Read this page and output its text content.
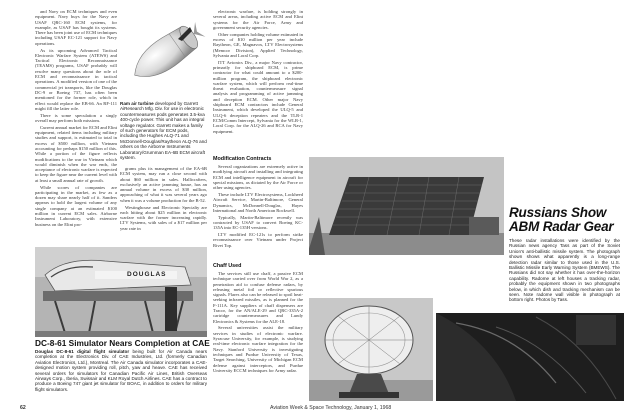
and Navy on ECM techniques and even equipment. Navy buys for the Navy are USAF QRC-160 ECM systems, for example, as USAF has bought its systems. There has been joint use of ECM techniques including USAF EC-121 support for Navy operations.

As its upcoming Advanced Tactical Electronic Warfare System (ATEWS) and Tactical Electronic Reconnaissance (TEAMS) programs, USAF probably will resolve many questions about the role of ECM and reconnaissance in tactical operations. A modified version of one of the commercial jet transports, like the Douglas DC-9 or Boeing 737, has often been mentioned for the former role, which in effect would replace the EB-66. An RF-111 might fill the latter role.

There is some speculation a singly overall may perform both missions.

Current annual market for ECM and Elint equipment, related items including military studies and support, is estimated to total in excess of $500 million, with Vietnam accounting for perhaps $150 million of this. While a portion of the figure reflects modifications to the war in Vietnam which would diminish when the war ends, the acceptance of electronic warfare is expected to keep the figure near the current level with at least a small annual rate of growth.

While scores of companies are participating in the market, as few as a dozen may share nearly half of it. Sanders appears to hold the largest volume of any single company at an estimated $100 million in current ECM sales. Airborne Instrument Laboratory, with extensive business on the Elint pro-

Ram air turbine developed by Garrett AiResearch Mfg. Div. for use in electronic countermeasures pods generates 3.5-kva 400-cycle power. This unit has an integral voltage regulator. Garrett makes a family of such generators for ECM pods, including the Hughes ALQ-71 and McDonnell-Douglas/Raytheon ALQ-76 and others on the Airborne Instruments Laboratory/Grumman EA-6B ECM aircraft system.

grams plus its management of the EA-6B ECM system, may run a close second with about $60 million in sales. Hallicrafters, exclusively an active jamming house, has an annual volume in excess of $30 million, approaching of what it was several years ago when it was a volume production for the B-52.

Westinghouse and Electronic Specialty are each hitting about $25 million in electronic warfare with the former increasing rapidly. LTV Systems, with sales of a $17 million per year rate in

electronic warfare, is holding strongly in several areas, including active ECM and Elint systems for the Air Force, Army and government security agencies.

Other companies holding volume estimated in excess of $10 million per year include Raytheon, GE, Magnavox, LTV Electrosystems (Memcor Division), Applied Technology, Sylvania and Loral Corp.

ITT Avionics Div., a major Navy contractor, primarily for shipboard ECM, is prime contractor for what could amount to a $200-million program, the shipboard electronic warfare system, which will perform real-time threat evaluation, countermeasure signal analysis and programming of active jamming and deception ECM. Other major Navy shipboard ECM contractors include General Instrument, which developed the ULQ-5 and ULQ-6 deception repeaters and the TLR-1 ECM/Comm Intercept, Sylvania for the WLR-1, Loral Corp. for the ALQ-26 and RCA for Navy equipment.

Modification Contracts

Several organizations are extremely active in modifying aircraft and installing and integrating ECM and intelligence equipment in aircraft for special missions, as dictated by the Air Force or other using agencies.

These include LTV Electrosystems, Lockheed Aircraft Service, Martin-Baltimore, General Dynamics, McDonnell-Douglas, Hayes International and North American Rockwell.

Typically, Martin-Baltimore recently was contracted by USAF to convert Boeing KC-135A into EC-135H versions.

LTV modified EC-121s to perform strike reconnaissance over Vietnam under Project Rivet Top.

Chaff Used

The services still use chaff, a passive ECM technique carried over from World War 2, as a penetration aid to confuse defense radars, by releasing metal foil or reflective spurious signals. Flares also can be released to spoil heat-seeking infrared missiles, as is planned for the F-111A. Key suppliers of chaff dispensers are Tracor, for the AN/ALE-29 and QRC-335A-2 cartridge countermeasures and Lundy Electronics & Systems for the ALE-18.

Several universities assist the military services in studies of electronic warfare. Syracuse University, for example, is studying real-time electronic warfare integration for the Navy. Stanford University is investigating techniques and Purdue University of Texas, Target Searching, University of Michigan ECM defense against interceptors, and Purdue University ECCM techniques for Army radar.

DOUGLAS
DC-8-61 Simulator Nears Completion at CAE
Douglas DC-8-61 digital flight simulator being built for Air Canada nears completion at the Electronics Div. of CAE Industries, Ltd. (formerly Canadian Aviation Electronics, Ltd.), Montreal. The Air Canada simulator incorporates a CAE-designed motion system providing roll, pitch, yaw and heave. CAE has received several orders for simulators for Canadian Pacific Air Lines, British Overseas Airways Corp., Iberia, Swissair and KLM Royal Dutch Airlines. CAE has a contract to produce a Boeing 747 giant jet simulator for BOAC, in addition to orders for military flight simulators.
Russians Show
ABM Radar Gear
These radar installations were identified by the Russian news agency Tass as part of the Soviet Union's anti-ballistic missile system. The photograph shown shows what apparently is a long-range detection radar similar to those used in the U.S. Ballistic Missile Early Warning System (BMEWS). The Russians did not say whether it has over-the-horizon capability. Radome at left houses a tracking radar, probably the equipment shown in two photographs below, in which dish and tracking mechanism can be seen. Note radome wall visible in photograph at bottom right. Photos by Tass.
62	Aviation Week & Space Technology, January 1, 1968
